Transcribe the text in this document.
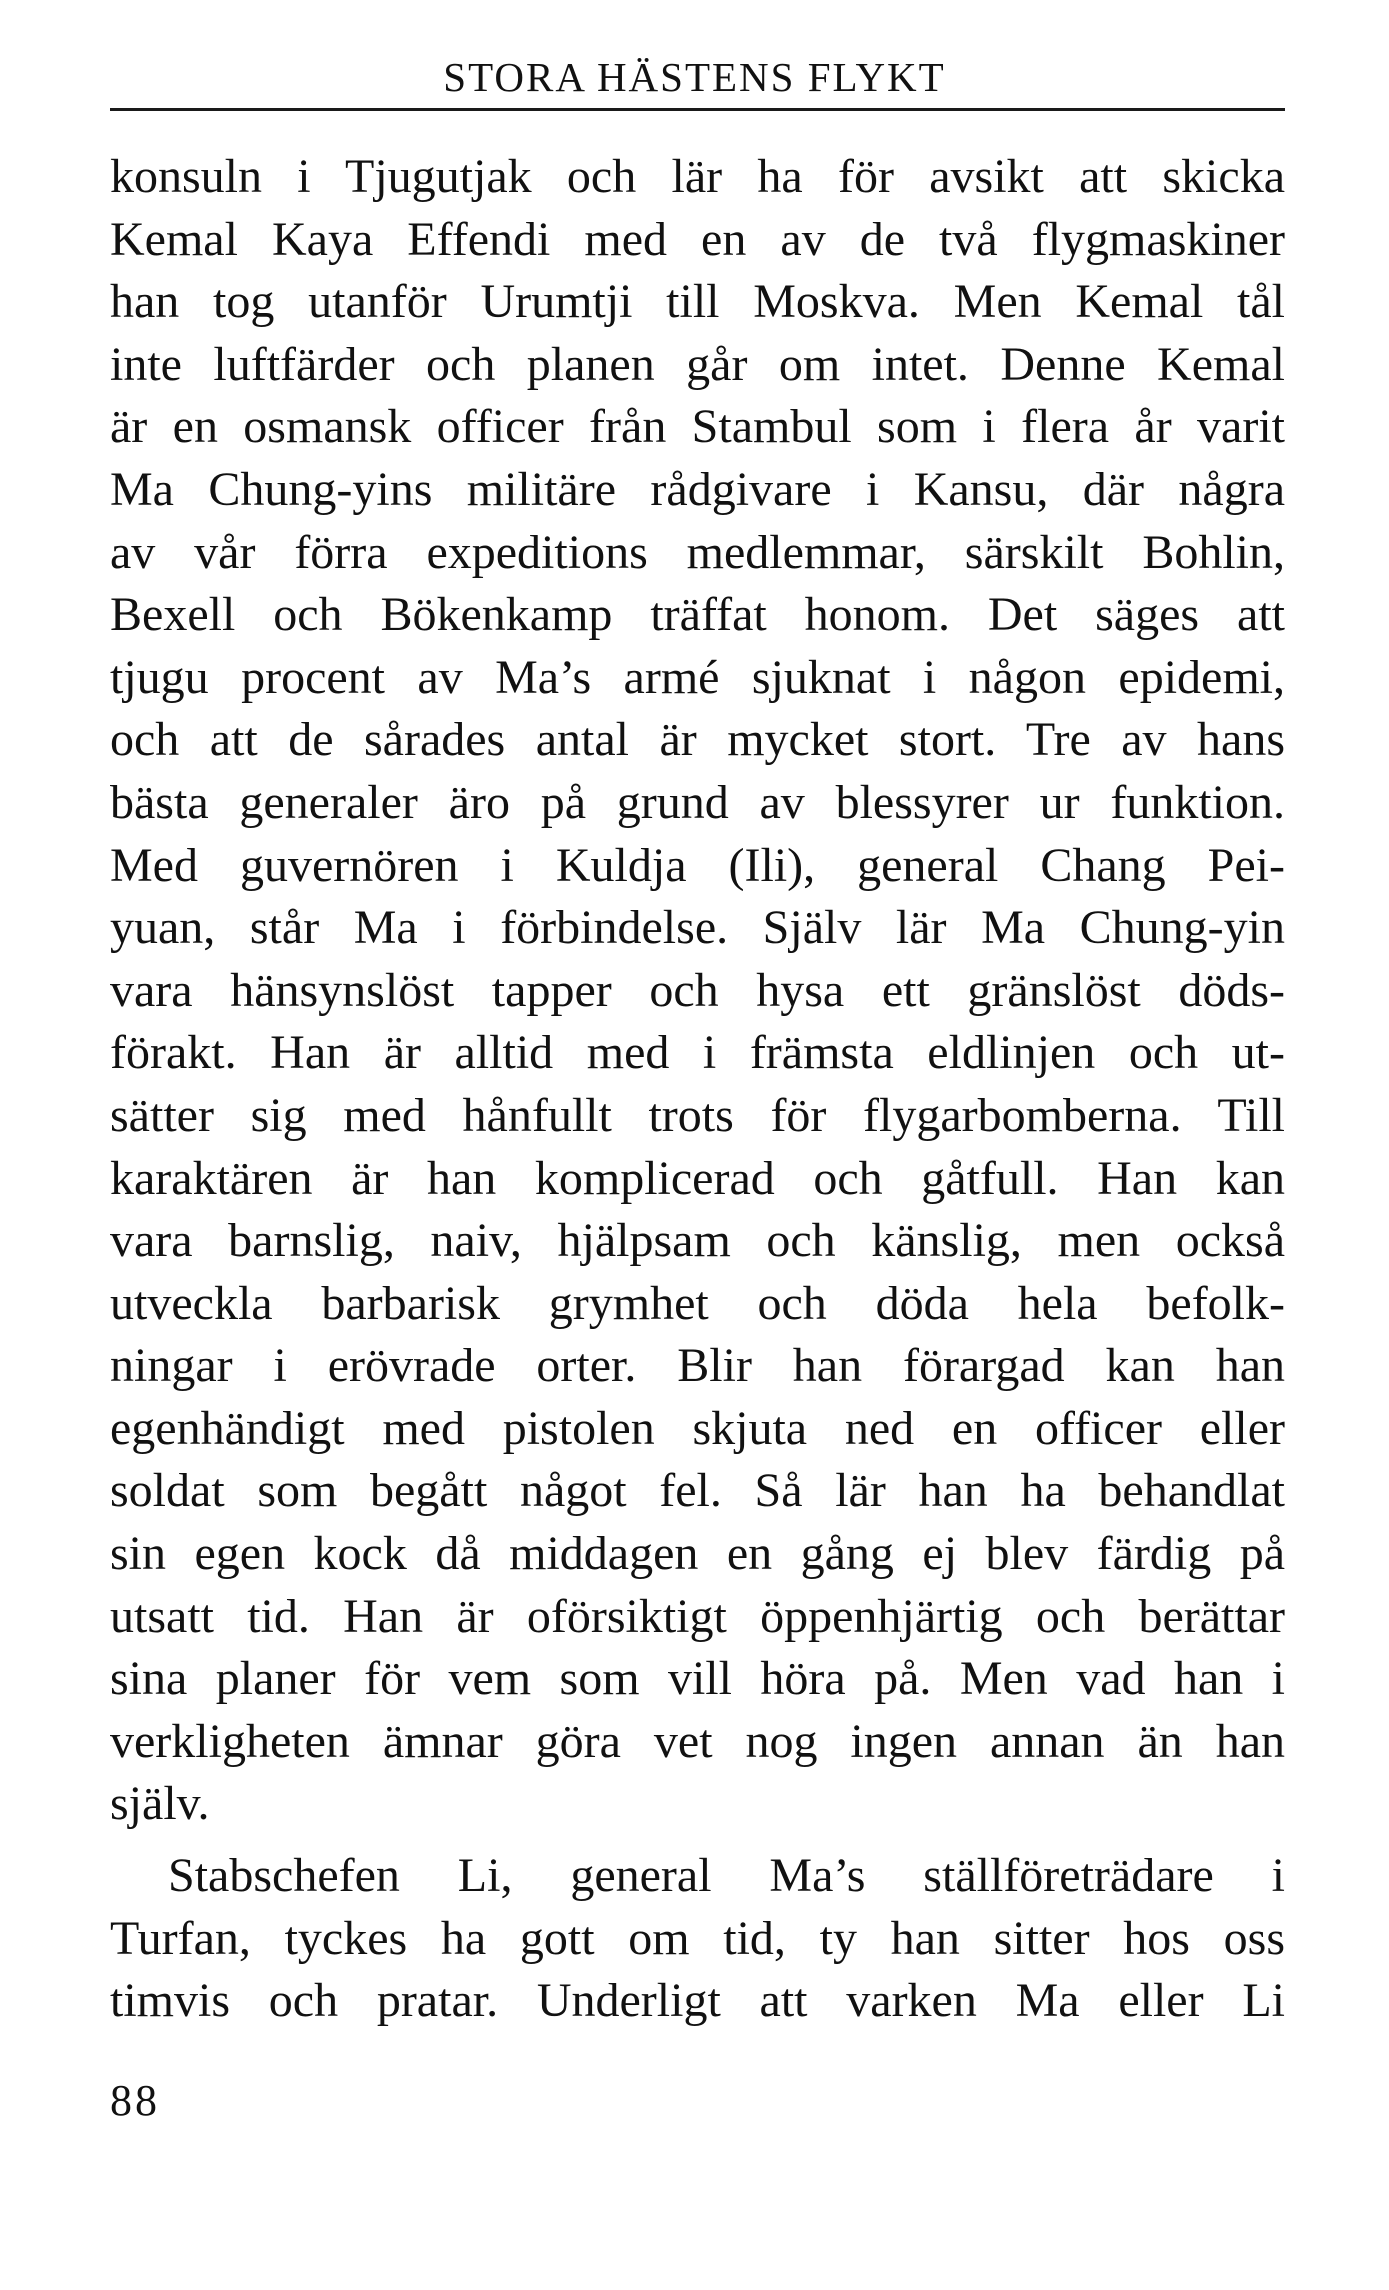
STORA HÄSTENS FLYKT
konsuln i Tjugutjak och lär ha för avsikt att skicka
Kemal Kaya Effendi med en av de två flygmaskiner
han tog utanför Urumtji till Moskva. Men Kemal tål
inte luftfärder och planen går om intet. Denne Kemal
är en osmansk officer från Stambul som i flera år varit
Ma Chung-yins militäre rådgivare i Kansu, där några
av vår förra expeditions medlemmar, särskilt Bohlin,
Bexell och Bökenkamp träffat honom. Det säges att
tjugu procent av Ma’s armé sjuknat i någon epidemi,
och att de sårades antal är mycket stort. Tre av hans
bästa generaler äro på grund av blessyrer ur funktion.
Med guvernören i Kuldja (Ili), general Chang Pei-
yuan, står Ma i förbindelse. Själv lär Ma Chung-yin
vara hänsynslöst tapper och hysa ett gränslöst döds-
förakt. Han är alltid med i främsta eldlinjen och ut-
sätter sig med hånfullt trots för flygarbomberna. Till
karaktären är han komplicerad och gåtfull. Han kan
vara barnslig, naiv, hjälpsam och känslig, men också
utveckla barbarisk grymhet och döda hela befolk-
ningar i erövrade orter. Blir han förargad kan han
egenhändigt med pistolen skjuta ned en officer eller
soldat som begått något fel. Så lär han ha behandlat
sin egen kock då middagen en gång ej blev färdig på
utsatt tid. Han är oförsiktigt öppenhjärtig och berättar
sina planer för vem som vill höra på. Men vad han i
verkligheten ämnar göra vet nog ingen annan än han
själv.
Stabschefen Li, general Ma’s ställföreträdare i
Turfan, tyckes ha gott om tid, ty han sitter hos oss
timvis och pratar. Underligt att varken Ma eller Li
88
